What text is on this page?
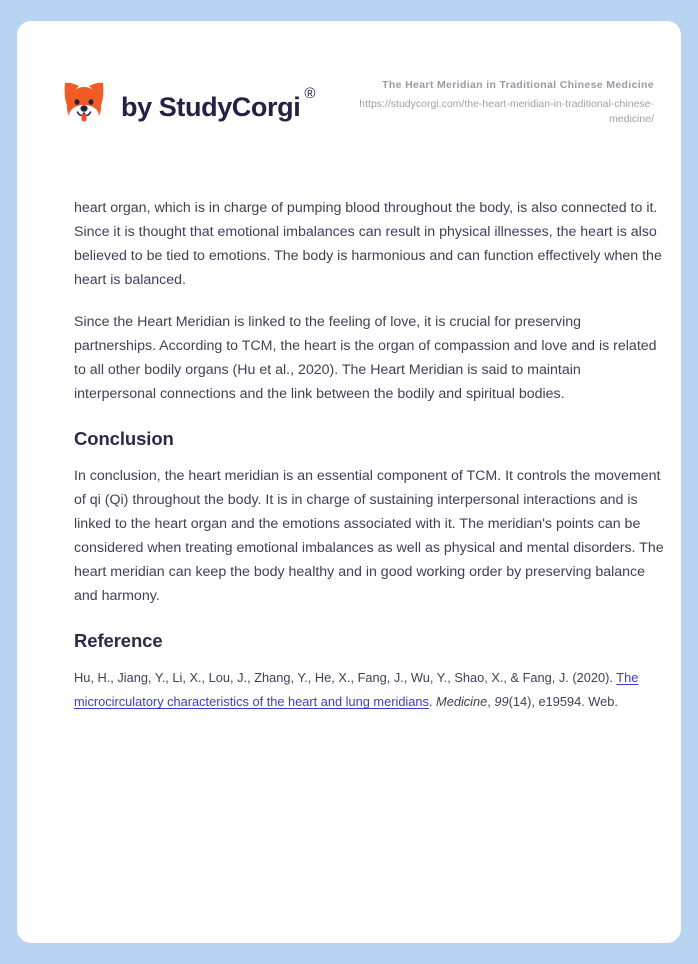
by StudyCorgi ®	The Heart Meridian in Traditional Chinese Medicine
https://studycorgi.com/the-heart-meridian-in-traditional-chinese-medicine/

heart organ, which is in charge of pumping blood throughout the body, is also connected to it. Since it is thought that emotional imbalances can result in physical illnesses, the heart is also believed to be tied to emotions. The body is harmonious and can function effectively when the heart is balanced.

Since the Heart Meridian is linked to the feeling of love, it is crucial for preserving partnerships. According to TCM, the heart is the organ of compassion and love and is related to all other bodily organs (Hu et al., 2020). The Heart Meridian is said to maintain interpersonal connections and the link between the bodily and spiritual bodies.

Conclusion

In conclusion, the heart meridian is an essential component of TCM. It controls the movement of qi (Qi) throughout the body. It is in charge of sustaining interpersonal interactions and is linked to the heart organ and the emotions associated with it. The meridian's points can be considered when treating emotional imbalances as well as physical and mental disorders. The heart meridian can keep the body healthy and in good working order by preserving balance and harmony.

Reference

Hu, H., Jiang, Y., Li, X., Lou, J., Zhang, Y., He, X., Fang, J., Wu, Y., Shao, X., & Fang, J. (2020). The microcirculatory characteristics of the heart and lung meridians. Medicine, 99(14), e19594. Web.
